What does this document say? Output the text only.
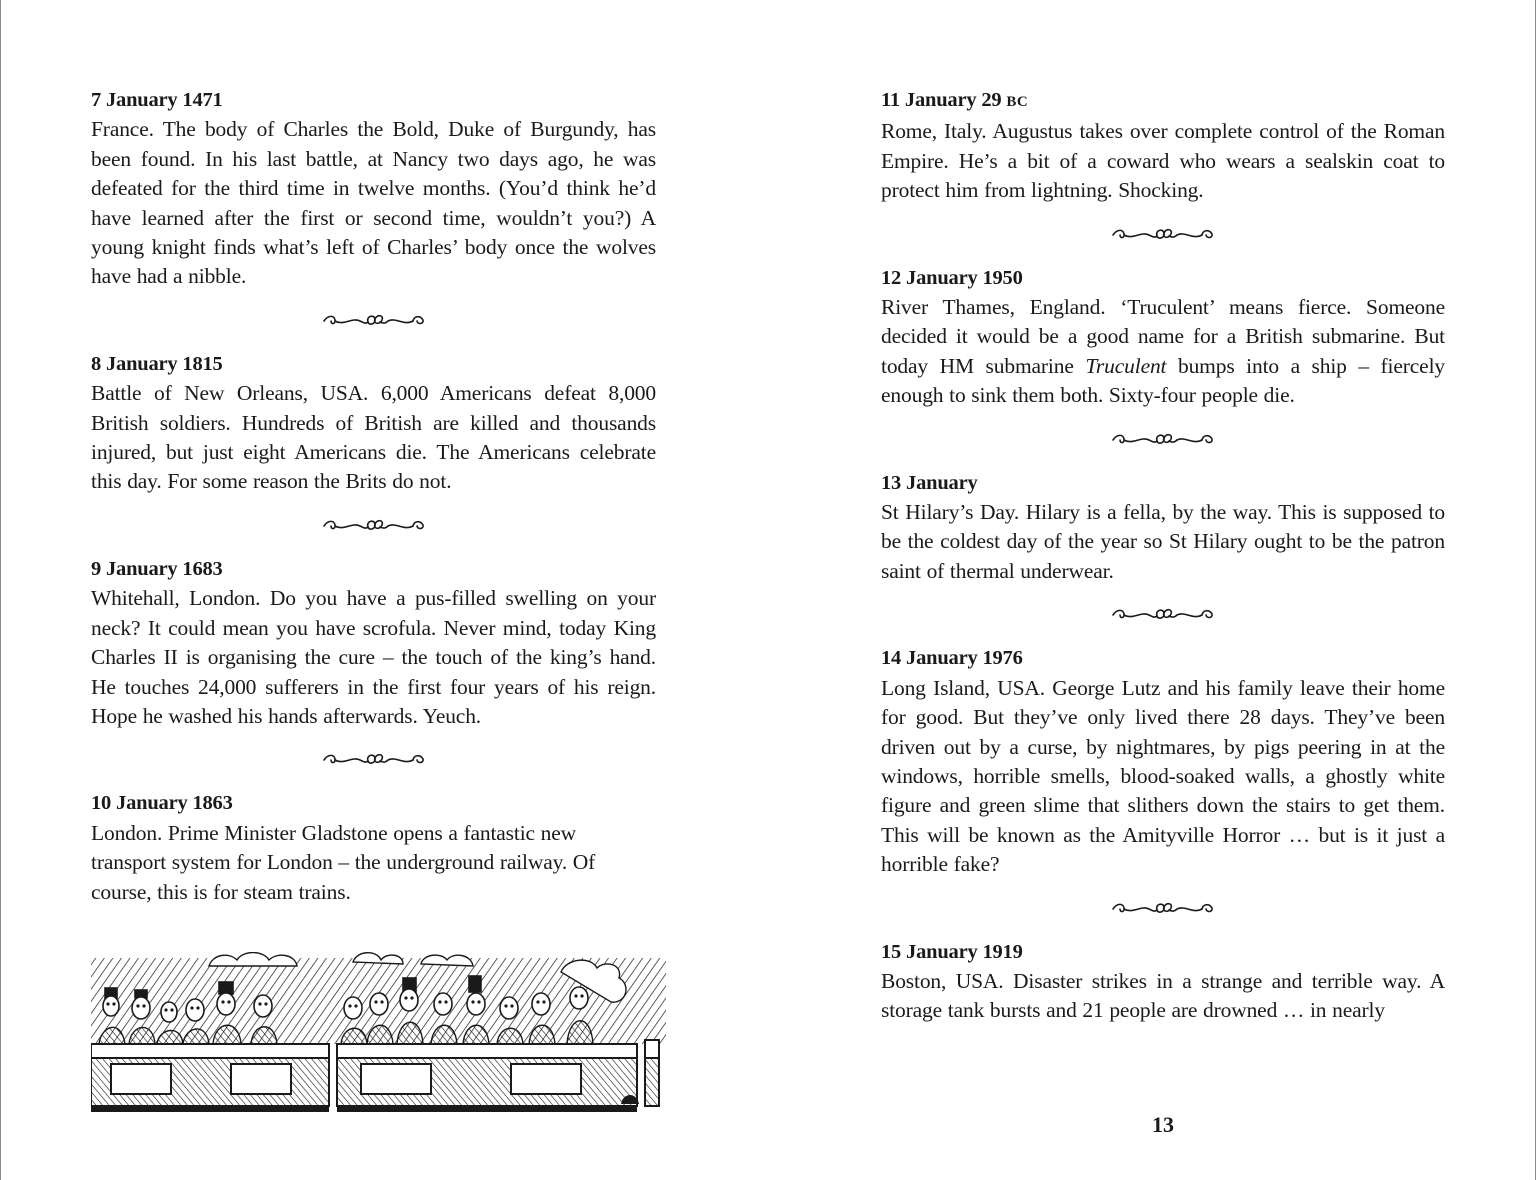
7 January 1471

France. The body of Charles the Bold, Duke of Burgundy, has been found. In his last battle, at Nancy two days ago, he was defeated for the third time in twelve months. (You’d think he’d have learned after the first or second time, wouldn’t you?) A young knight finds what’s left of Charles’ body once the wolves have had a nibble.

8 January 1815

Battle of New Orleans, USA. 6,000 Americans defeat 8,000 British soldiers. Hundreds of British are killed and thousands injured, but just eight Americans die. The Americans celebrate this day. For some reason the Brits do not.

9 January 1683

Whitehall, London. Do you have a pus-filled swelling on your neck? It could mean you have scrofula. Never mind, today King Charles II is organising the cure – the touch of the king’s hand. He touches 24,000 sufferers in the first four years of his reign. Hope he washed his hands afterwards. Yeuch.

10 January 1863

London. Prime Minister Gladstone opens a fantastic new transport system for London – the underground railway. Of course, this is for steam trains.

11 January 29 BC

Rome, Italy. Augustus takes over complete control of the Roman Empire. He’s a bit of a coward who wears a sealskin coat to protect him from lightning. Shocking.

12 January 1950

River Thames, England. ‘Truculent’ means fierce. Someone decided it would be a good name for a British submarine. But today HM submarine Truculent bumps into a ship – fiercely enough to sink them both. Sixty-four people die.

13 January

St Hilary’s Day. Hilary is a fella, by the way. This is supposed to be the coldest day of the year so St Hilary ought to be the patron saint of thermal underwear.

14 January 1976

Long Island, USA. George Lutz and his family leave their home for good. But they’ve only lived there 28 days. They’ve been driven out by a curse, by nightmares, by pigs peering in at the windows, horrible smells, blood-soaked walls, a ghostly white figure and green slime that slithers down the stairs to get them. This will be known as the Amityville Horror … but is it just a horrible fake?

15 January 1919

Boston, USA. Disaster strikes in a strange and terrible way. A storage tank bursts and 21 people are drowned … in nearly

13
